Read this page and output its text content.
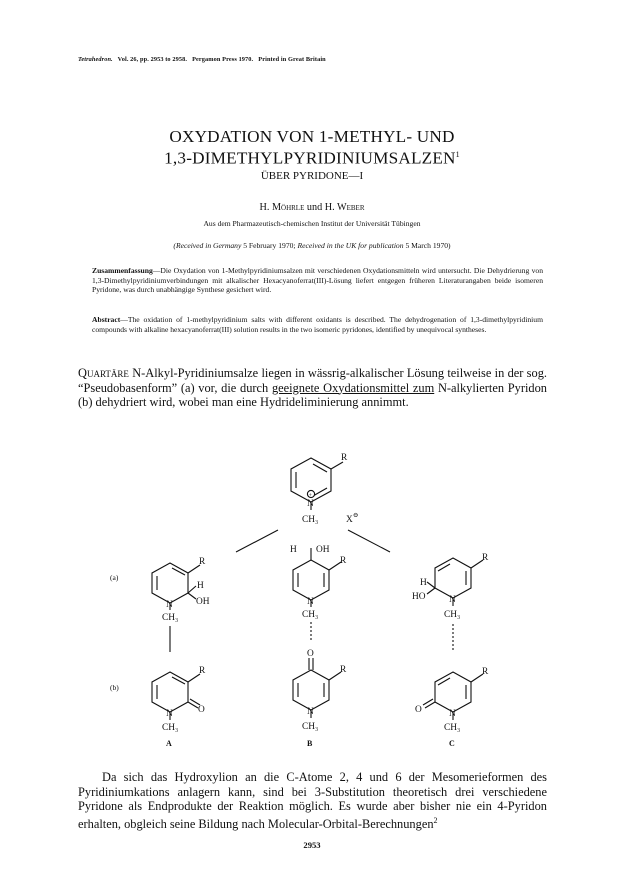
Tetrahedron. Vol. 26, pp. 2953 to 2958. Pergamon Press 1970. Printed in Great Britain
OXYDATION VON 1-METHYL- UND
1,3-DIMETHYLPYRIDINIUMSALZEN$^1$
ÜBER PYRIDONE—I
H. Möhrle und H. Weber
Aus dem Pharmazeutisch-chemischen Institut der Universität Tübingen
(Received in Germany 5 February 1970; Received in the UK for publication 5 March 1970)
Zusammenfassung—Die Oxydation von 1-Methylpyridiniumsalzen mit verschiedenen Oxydationsmitteln wird untersucht. Die Dehydrierung von 1,3-Dimethylpyridiniumverbindungen mit alkalischer Hexacyanoferrat(III)-Lösung liefert entgegen früheren Literaturangaben beide isomeren Pyridone, was durch unabhängige Synthese gesichert wird.
Abstract—The oxidation of 1-methylpyridinium salts with different oxidants is described. The dehydrogenation of 1,3-dimethylpyridinium compounds with alkaline hexacyanoferrat(III) solution results in the two isomeric pyridones, identified by unequivocal syntheses.
Quartäre N-Alkyl-Pyridiniumsalze liegen in wässrig-alkalischer Lösung teilweise in der sog. “Pseudobasenform” (a) vor, die durch geeignete Oxydationsmittel zum N-alkylierten Pyridon (b) dehydriert wird, wobei man eine Hydrideliminierung annimmt.
R
N
+
CH₃	X ⊖
(a)
(b)
R
H
OH
N
CH₃
H OH
R
N
CH₃
R
H
HO N
CH₃
R
O
N
CH₃
A
O
R
N
CH₃
B
R
O	N
CH₃
C
Da sich das Hydroxylion an die C-Atome 2, 4 und 6 der Mesomerieformen des Pyridiniumkations anlagern kann, sind bei 3-Substitution theoretisch drei verschiedene Pyridone als Endprodukte der Reaktion möglich. Es wurde aber bisher nie ein 4-Pyridon erhalten, obgleich seine Bildung nach Molecular-Orbital-Berechnungen$^2$
2953
